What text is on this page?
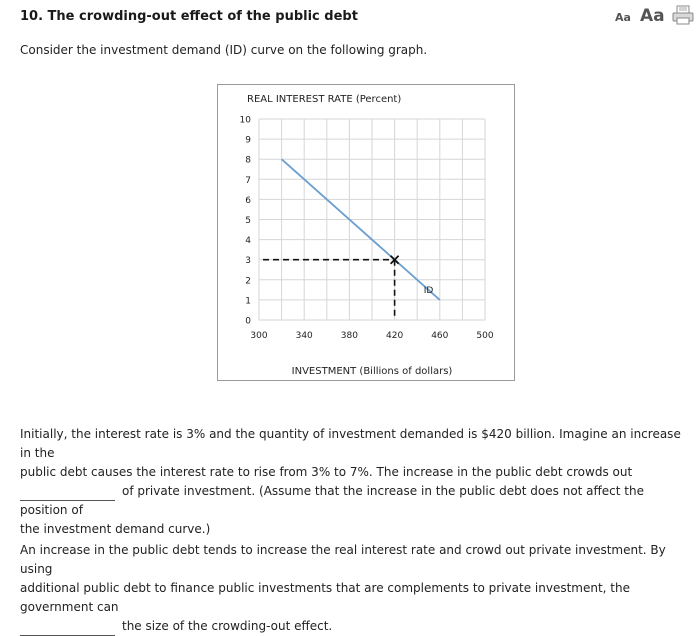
10. The crowding-out effect of the public debt	Aa Aa
Consider the investment demand (ID) curve on the following graph.
REAL INTEREST RATE (Percent)
INVESTMENT (Billions of dollars)
0
1
2
3
4
5
6
7
8
9
10
300	340	380	420	460	500
ID

Initially, the interest rate is 3% and the quantity of investment demanded is $420 billion. Imagine an increase in the
public debt causes the interest rate to rise from 3% to 7%. The increase in the public debt crowds out
of private investment. (Assume that the increase in the public debt does not affect the position of
the investment demand curve.)

An increase in the public debt tends to increase the real interest rate and crowd out private investment. By using
additional public debt to finance public investments that are complements to private investment, the government can
the size of the crowding-out effect.
